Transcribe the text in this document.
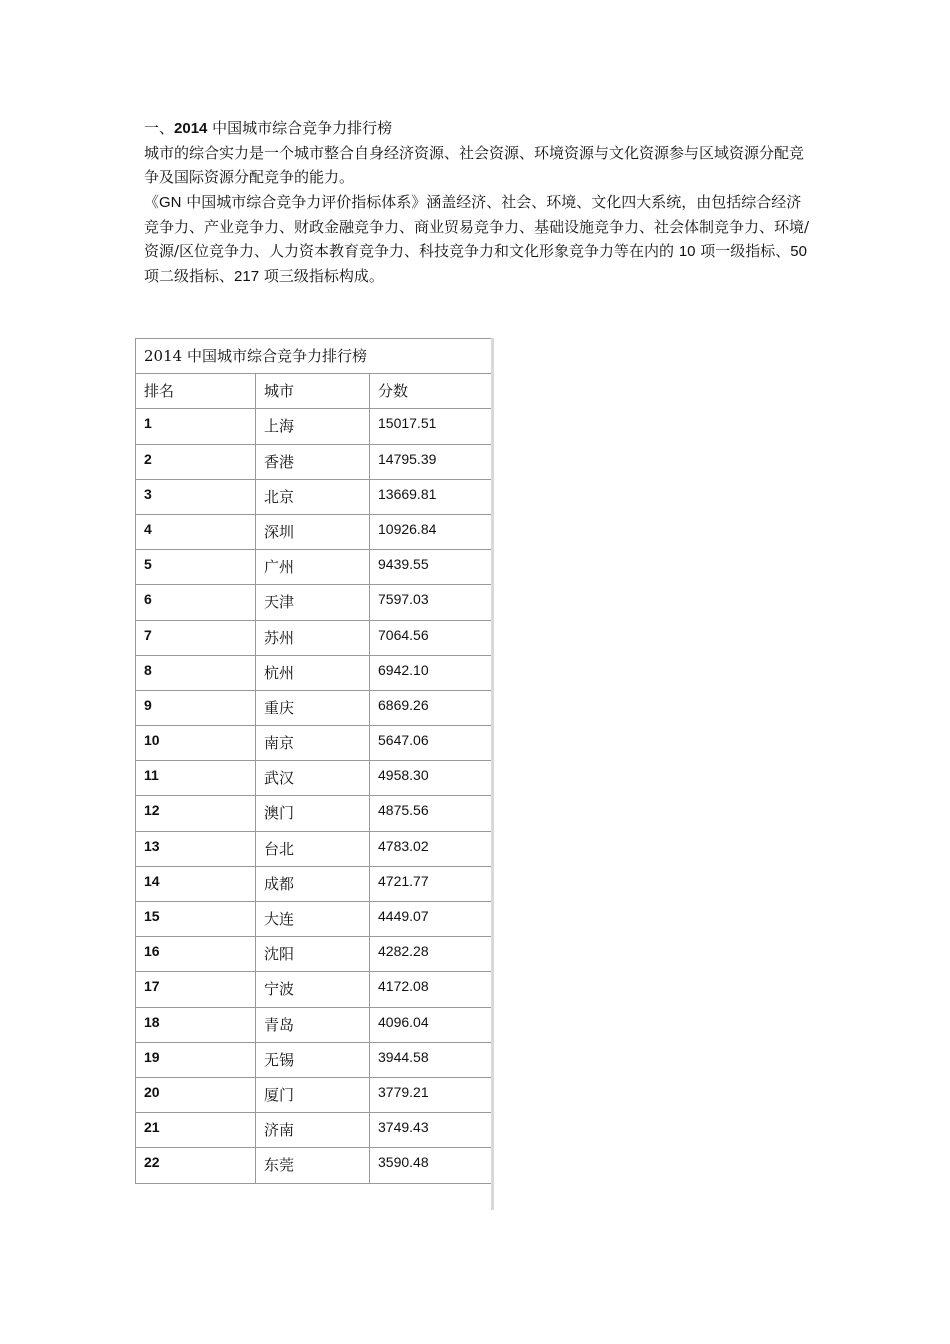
一、2014 中国城市综合竞争力排行榜

城市的综合实力是一个城市整合自身经济资源、社会资源、环境资源与文化资源参与区域资源分配竞争及国际资源分配竞争的能力。

《GN 中国城市综合竞争力评价指标体系》涵盖经济、社会、环境、文化四大系统，由包括综合经济竞争力、产业竞争力、财政金融竞争力、商业贸易竞争力、基础设施竞争力、社会体制竞争力、环境/资源/区位竞争力、人力资本教育竞争力、科技竞争力和文化形象竞争力等在内的 10 项一级指标、50 项二级指标、217 项三级指标构成。

2014 中国城市综合竞争力排行榜		
排名	城市	分数
1	上海	15017.51
2	香港	14795.39
3	北京	13669.81
4	深圳	10926.84
5	广州	9439.55
6	天津	7597.03
7	苏州	7064.56
8	杭州	6942.10
9	重庆	6869.26
10	南京	5647.06
11	武汉	4958.30
12	澳门	4875.56
13	台北	4783.02
14	成都	4721.77
15	大连	4449.07
16	沈阳	4282.28
17	宁波	4172.08
18	青岛	4096.04
19	无锡	3944.58
20	厦门	3779.21
21	济南	3749.43
22	东莞	3590.48
